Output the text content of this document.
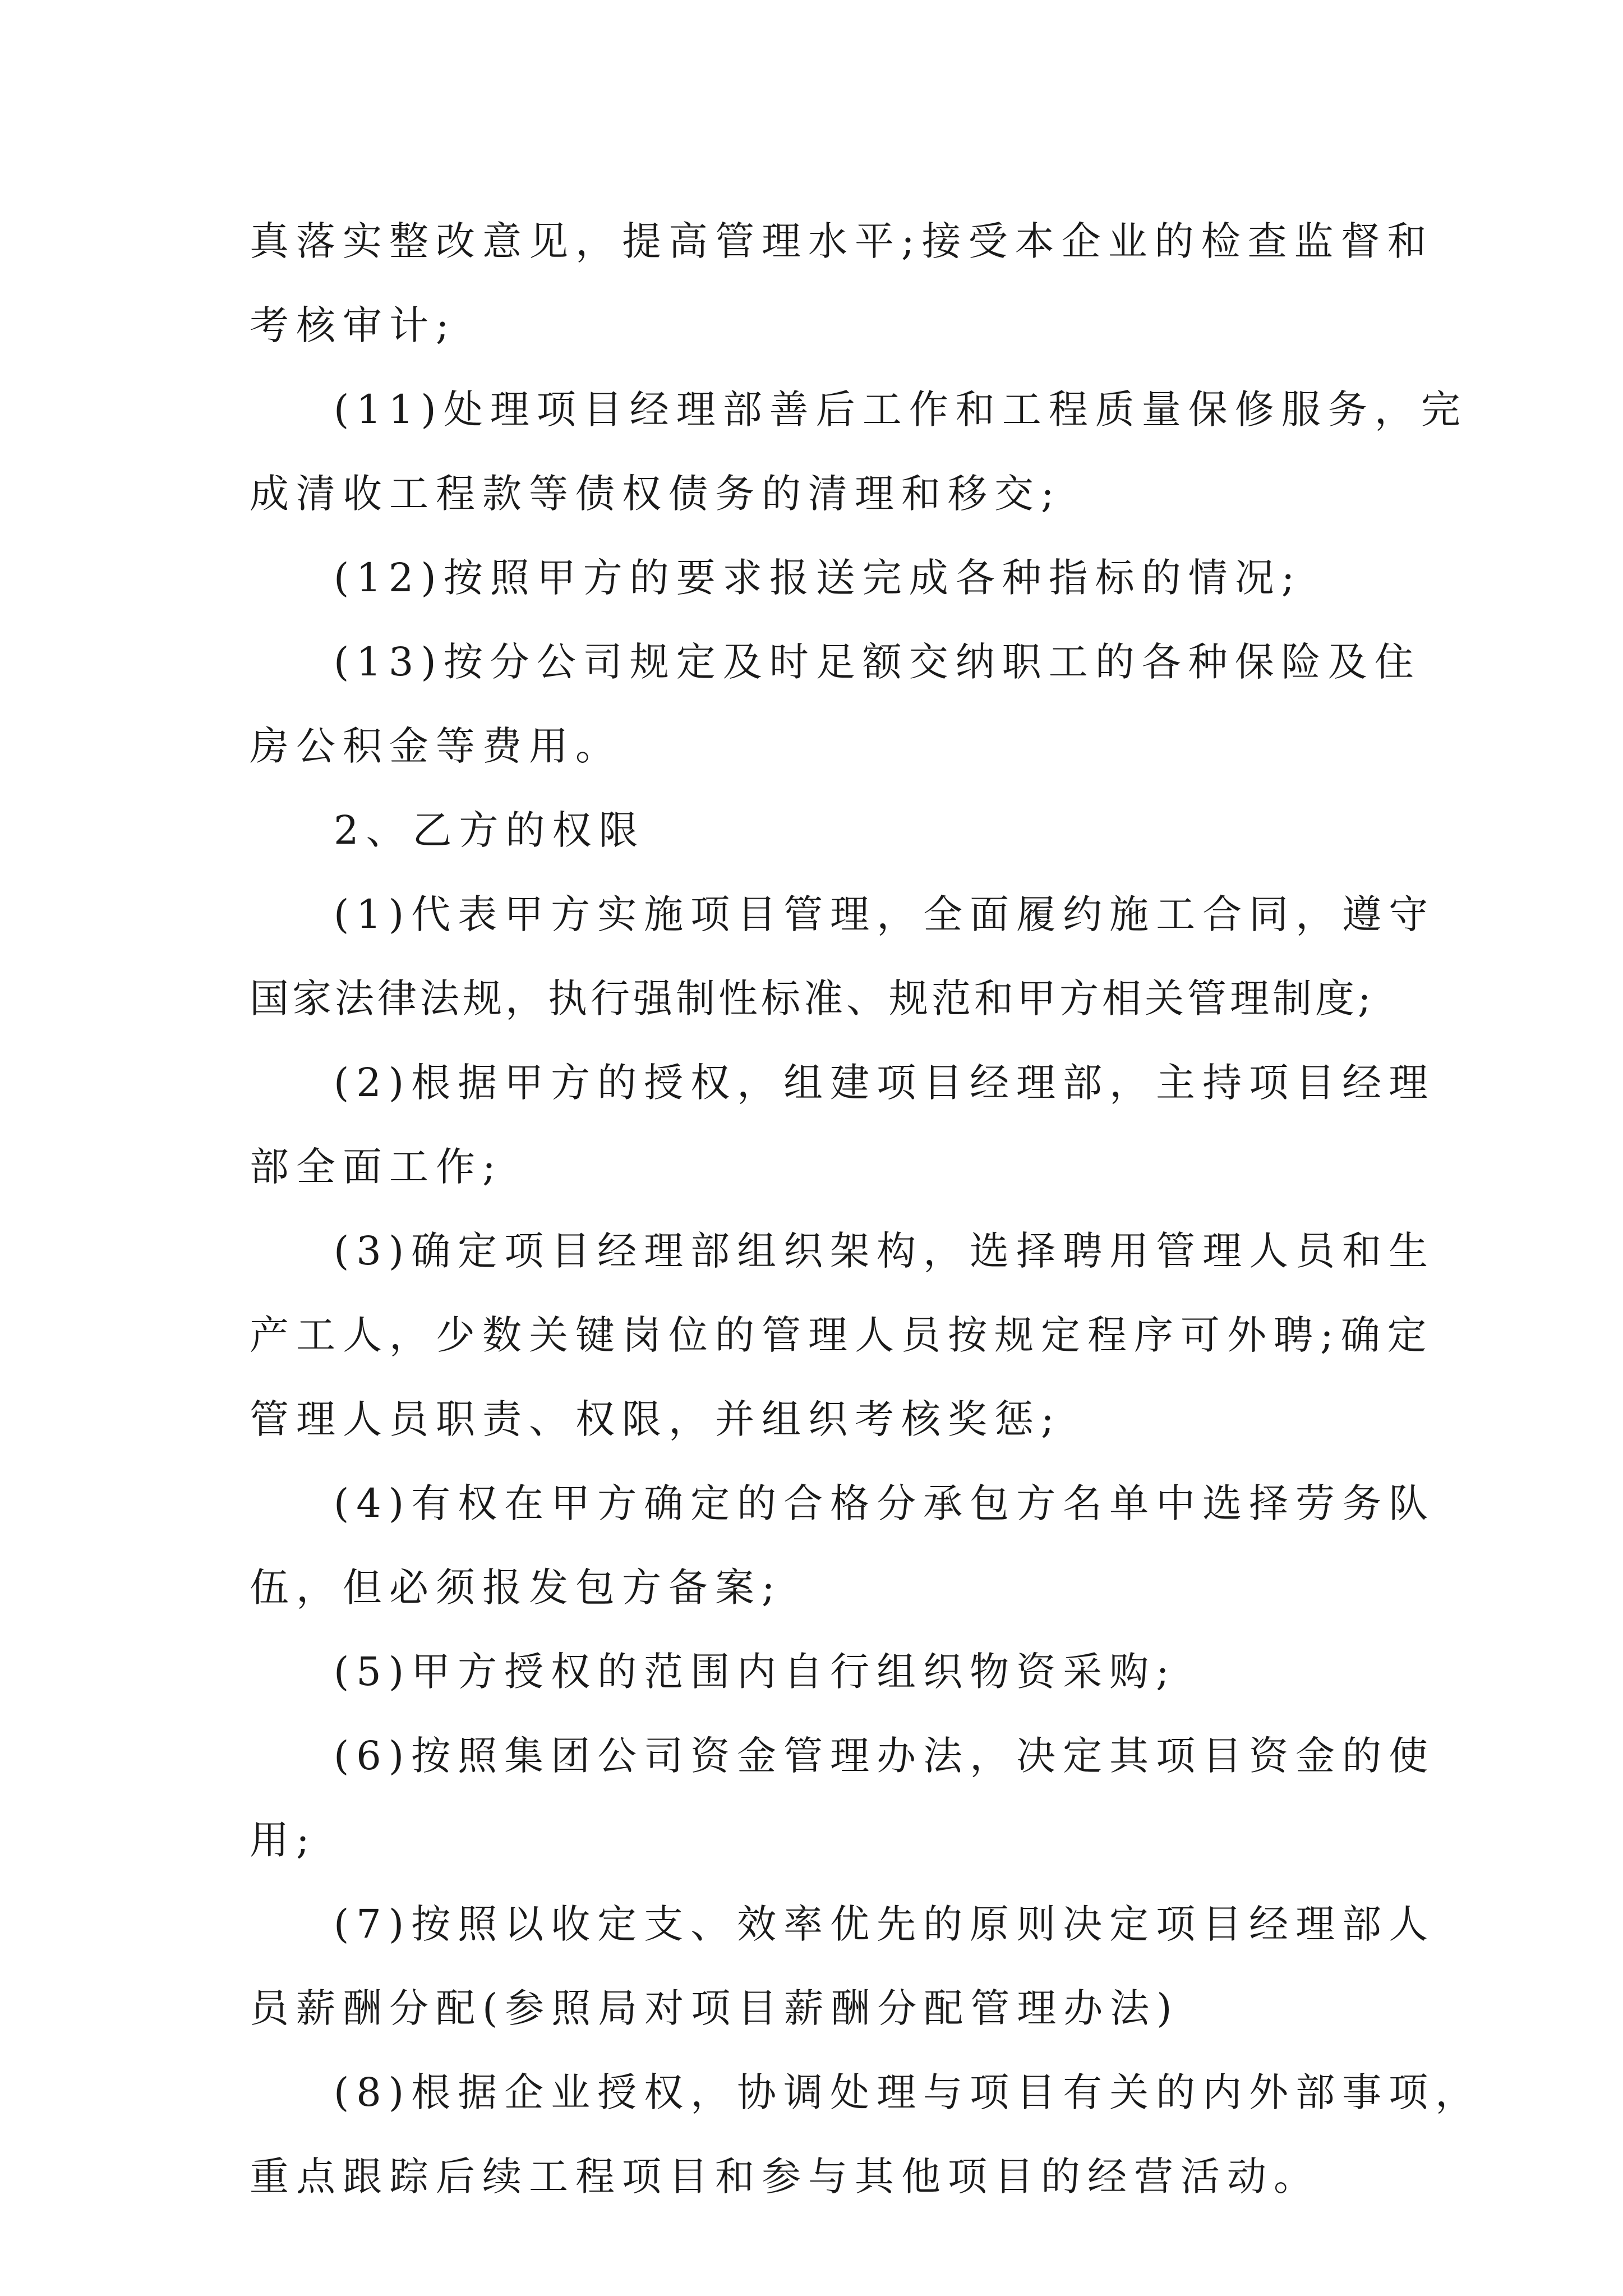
真落实整改意见，提高管理水平;接受本企业的检查监督和
考核审计;
(11)处理项目经理部善后工作和工程质量保修服务，完
成清收工程款等债权债务的清理和移交;
(12)按照甲方的要求报送完成各种指标的情况;
(13)按分公司规定及时足额交纳职工的各种保险及住
房公积金等费用。
2、乙方的权限
(1)代表甲方实施项目管理，全面履约施工合同，遵守
国家法律法规，执行强制性标准、规范和甲方相关管理制度;
(2)根据甲方的授权，组建项目经理部，主持项目经理
部全面工作;
(3)确定项目经理部组织架构，选择聘用管理人员和生
产工人，少数关键岗位的管理人员按规定程序可外聘;确定
管理人员职责、权限，并组织考核奖惩;
(4)有权在甲方确定的合格分承包方名单中选择劳务队
伍，但必须报发包方备案;
(5)甲方授权的范围内自行组织物资采购;
(6)按照集团公司资金管理办法，决定其项目资金的使
用;
(7)按照以收定支、效率优先的原则决定项目经理部人
员薪酬分配(参照局对项目薪酬分配管理办法)
(8)根据企业授权，协调处理与项目有关的内外部事项，
重点跟踪后续工程项目和参与其他项目的经营活动。
